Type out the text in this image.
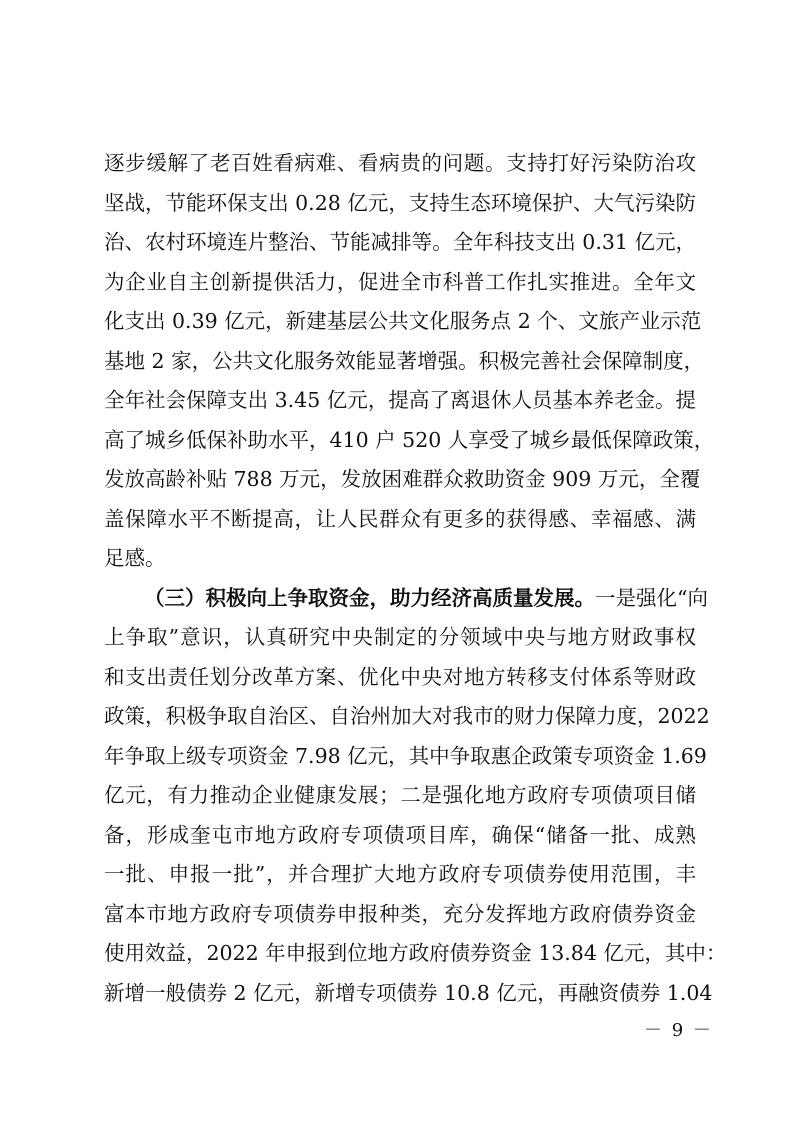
逐步缓解了老百姓看病难、看病贵的问题。支持打好污染防治攻
坚战，节能环保支出 0.28 亿元，支持生态环境保护、大气污染防
治、农村环境连片整治、节能减排等。全年科技支出 0.31 亿元，
为企业自主创新提供活力，促进全市科普工作扎实推进。全年文
化支出 0.39 亿元，新建基层公共文化服务点 2 个、文旅产业示范
基地 2 家，公共文化服务效能显著增强。积极完善社会保障制度，
全年社会保障支出 3.45 亿元，提高了离退休人员基本养老金。提
高了城乡低保补助水平，410 户 520 人享受了城乡最低保障政策，
发放高龄补贴 788 万元，发放困难群众救助资金 909 万元，全覆
盖保障水平不断提高，让人民群众有更多的获得感、幸福感、满
足感。
（三）积极向上争取资金，助力经济高质量发展。一是强化“向
上争取”意识，认真研究中央制定的分领域中央与地方财政事权
和支出责任划分改革方案、优化中央对地方转移支付体系等财政
政策，积极争取自治区、自治州加大对我市的财力保障力度，2022
年争取上级专项资金 7.98 亿元，其中争取惠企政策专项资金 1.69
亿元，有力推动企业健康发展；二是强化地方政府专项债项目储
备，形成奎屯市地方政府专项债项目库，确保“储备一批、成熟
一批、申报一批”，并合理扩大地方政府专项债券使用范围，丰
富本市地方政府专项债券申报种类，充分发挥地方政府债券资金
使用效益，2022 年申报到位地方政府债券资金 13.84 亿元，其中：
新增一般债券 2 亿元，新增专项债券 10.8 亿元，再融资债券 1.04
－ 9 －
